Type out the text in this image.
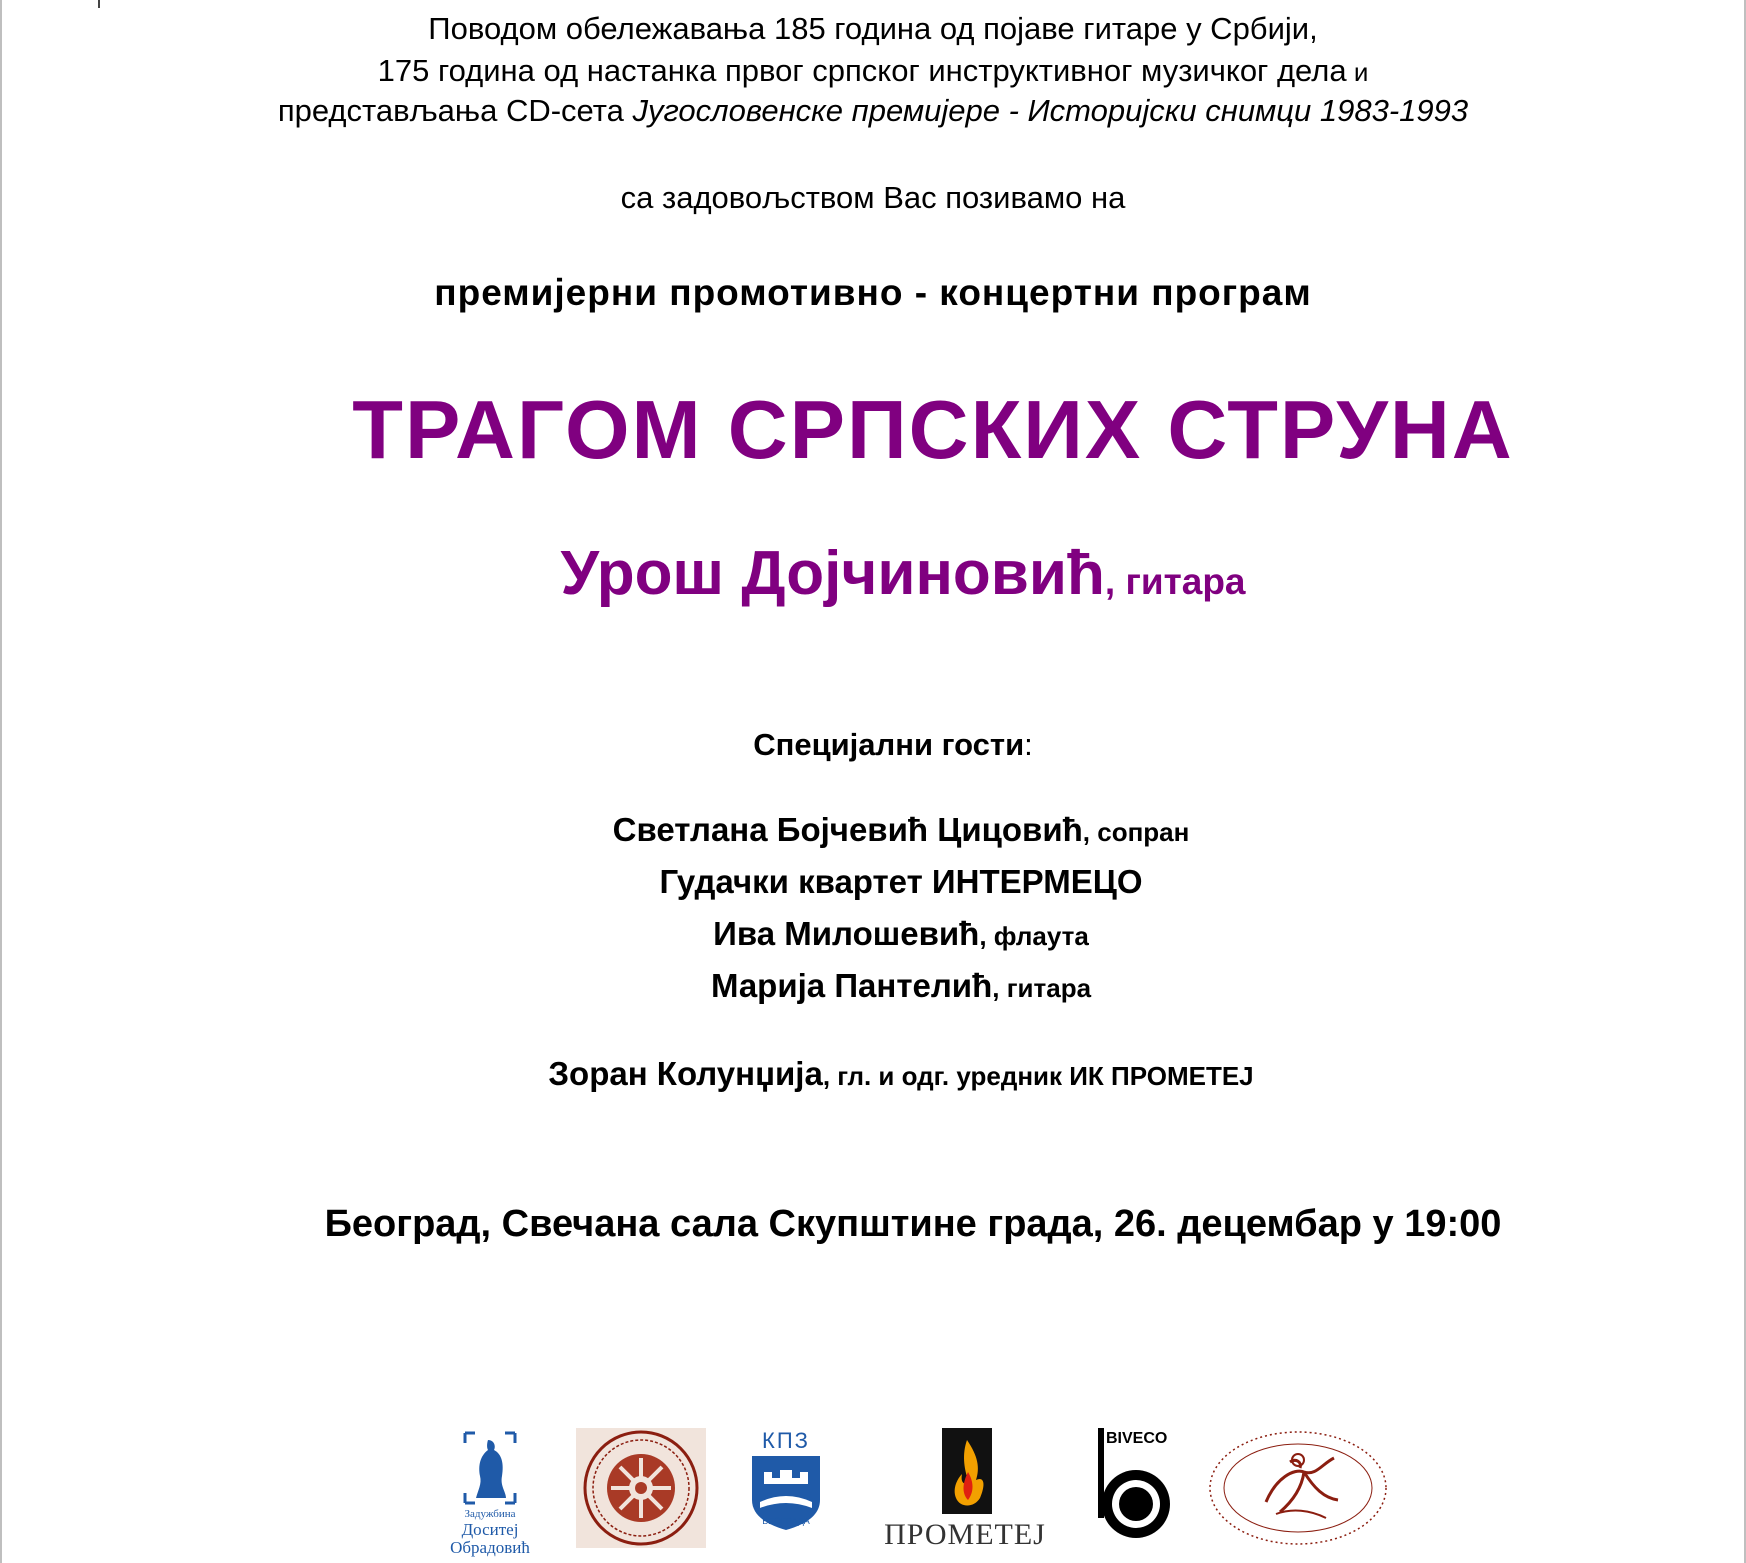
Поводом обележавања 185 година од појаве гитаре у Србији,
175 година од настанка првог српског инструктивног музичког дела и
представљања CD-сета Југословенске премијере - Историјски снимци 1983-1993
са задовољством Вас позивамо на
премијерни промотивно - концертни програм
ТРАГОМ СРПСКИХ СТРУНА
Урош Дојчиновић, гитара
Специјални гости:
Светлана Бојчевић Цицовић, сопран
Гудачки квартет ИНТЕРМЕЦО
Ива Милошевић, флаута
Марија Пантелић, гитара
Зоран Колунџија, гл. и одг. уредник ИК ПРОМЕТЕЈ
Београд, Свечана сала Скупштине града, 26. децембар у 19:00
Задужбина
Доситеј
Обрадовић
КПЗ
БЕОГРАДА	ПРОМЕТЕЈ
BIVECO
